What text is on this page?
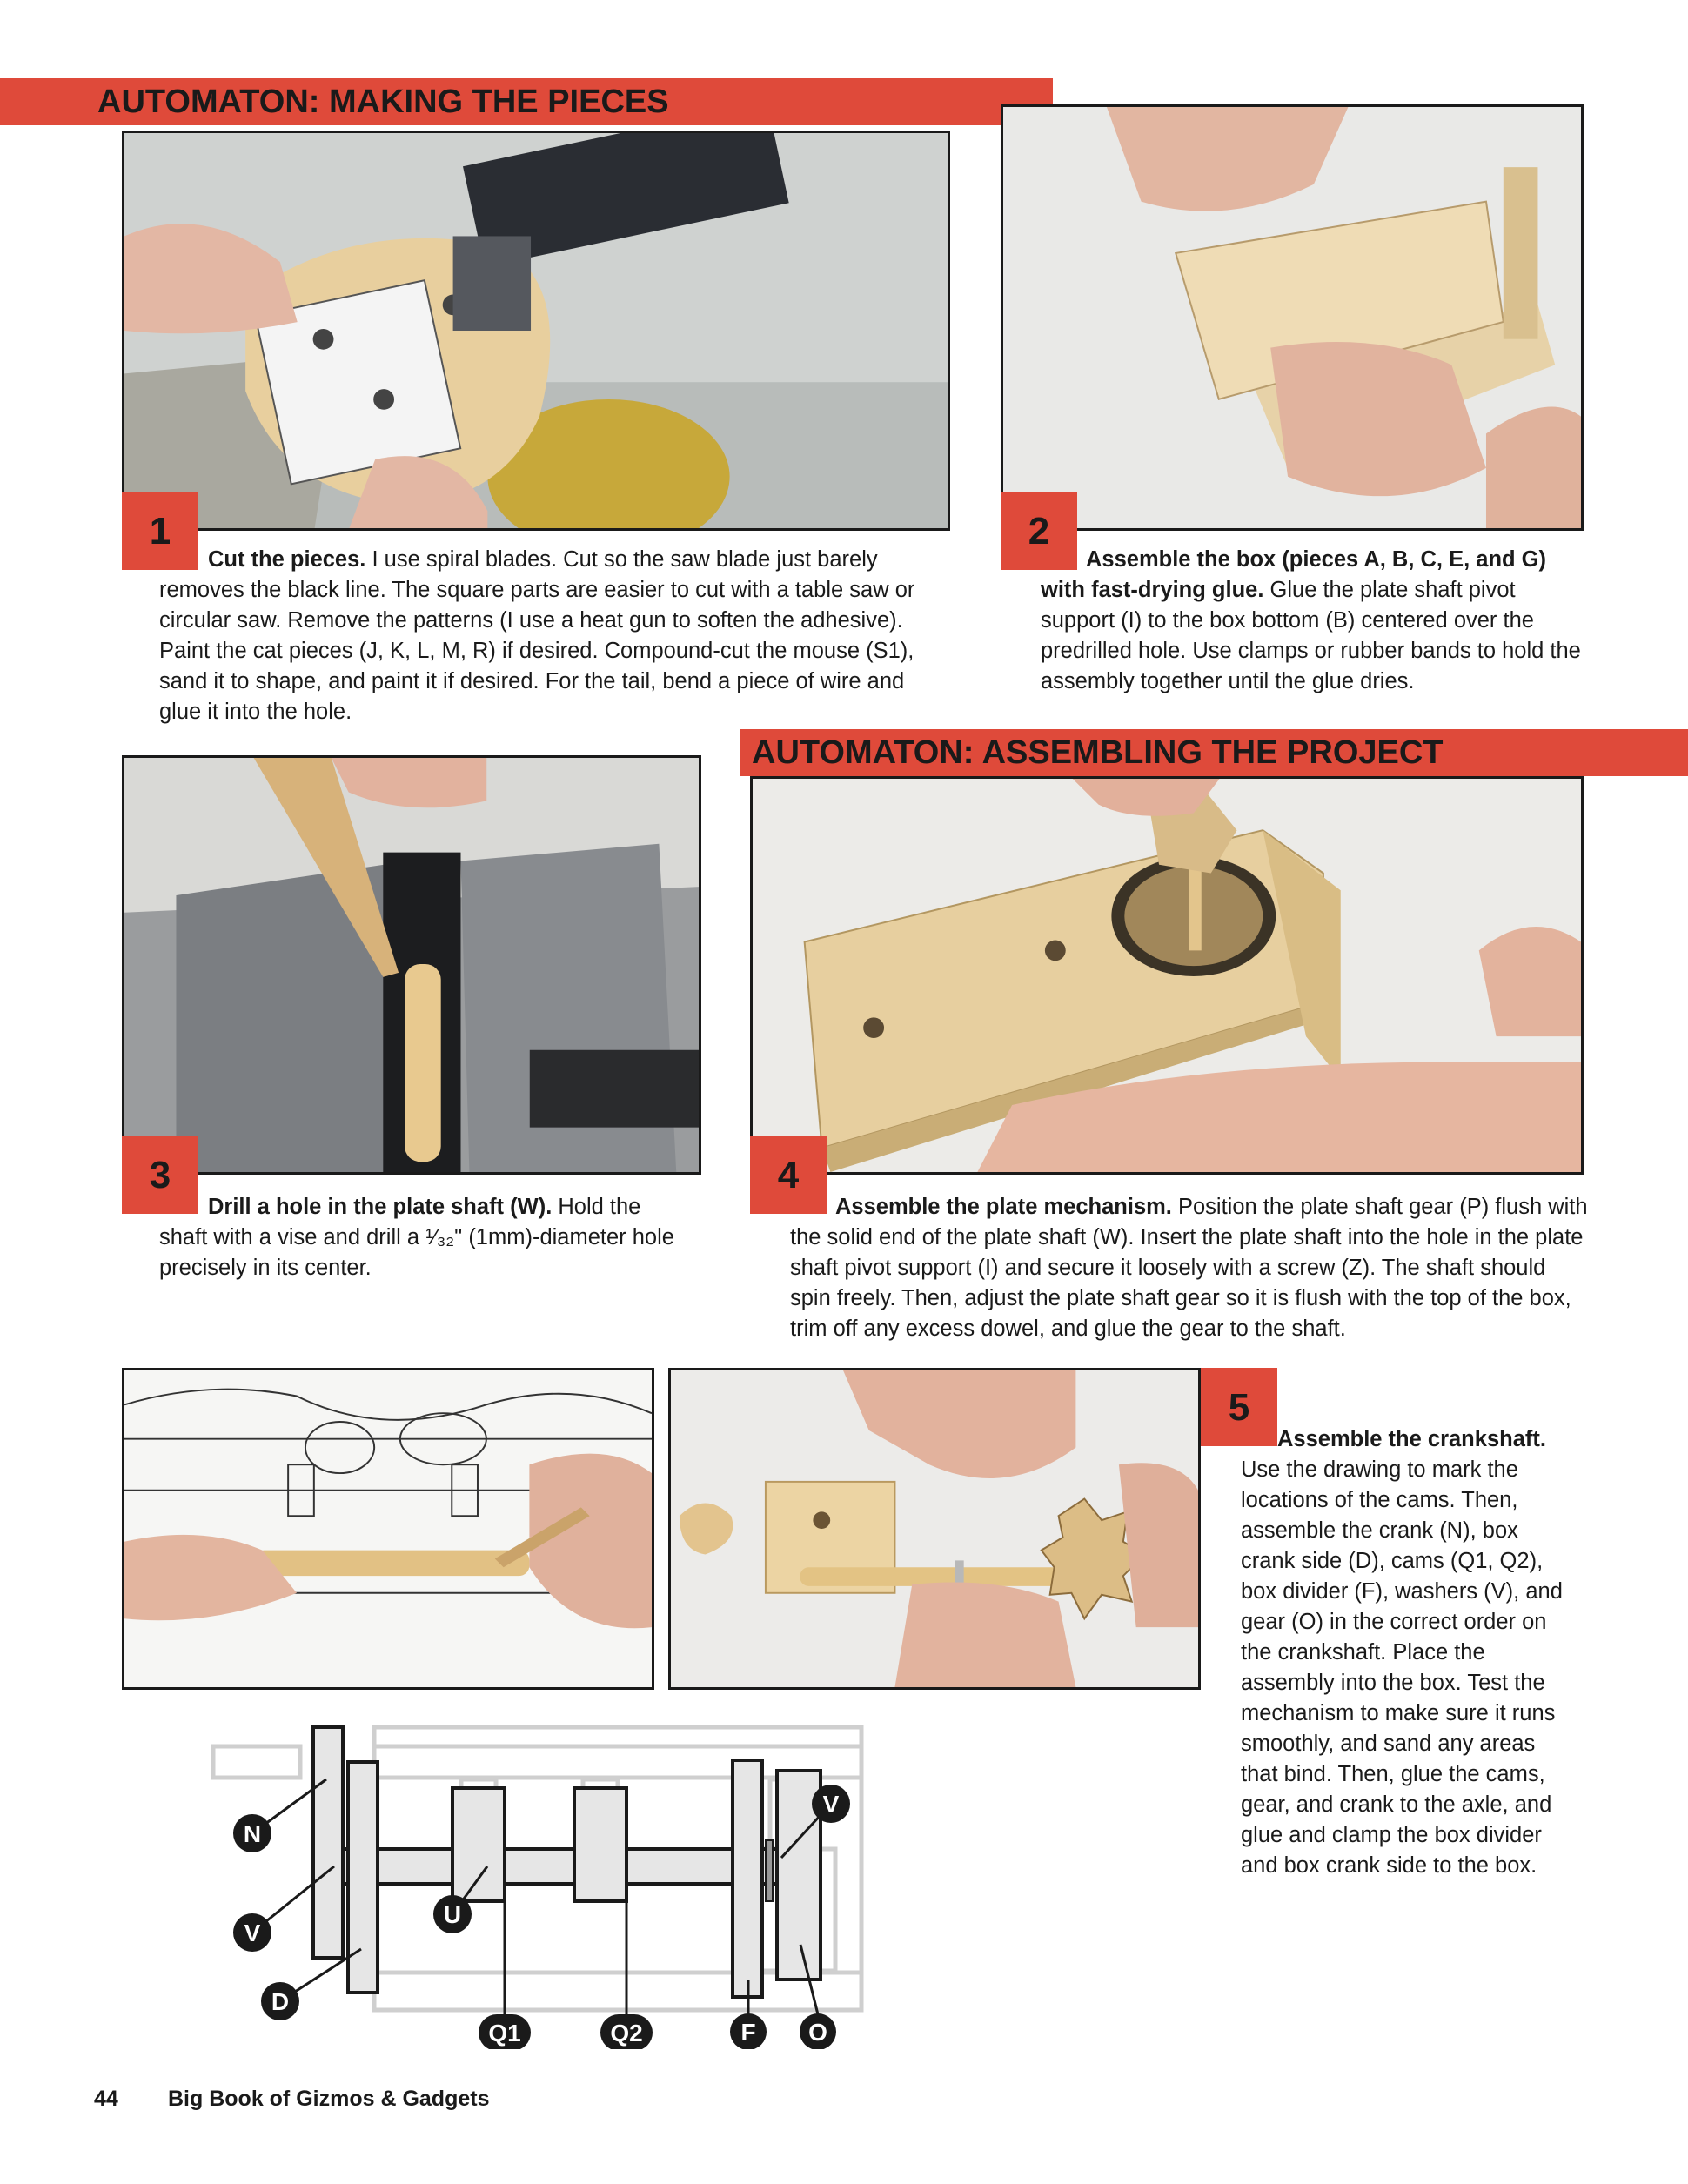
AUTOMATON: MAKING THE PIECES
1
Cut the pieces. I use spiral blades. Cut so the saw blade just barely removes the black line. The square parts are easier to cut with a table saw or circular saw. Remove the patterns (I use a heat gun to soften the adhesive). Paint the cat pieces (J, K, L, M, R) if desired. Compound-cut the mouse (S1), sand it to shape, and paint it if desired. For the tail, bend a piece of wire and glue it into the hole.
2
Assemble the box (pieces A, B, C, E, and G) with fast-drying glue. Glue the plate shaft pivot support (I) to the box bottom (B) centered over the predrilled hole. Use clamps or rubber bands to hold the assembly together until the glue dries.
AUTOMATON: ASSEMBLING THE PROJECT
3
Drill a hole in the plate shaft (W). Hold the shaft with a vise and drill a ¹⁄₃₂" (1mm)-diameter hole precisely in its center.
4
Assemble the plate mechanism. Position the plate shaft gear (P) flush with the solid end of the plate shaft (W). Insert the plate shaft into the hole in the plate shaft pivot support (I) and secure it loosely with a screw (Z). The shaft should spin freely. Then, adjust the plate shaft gear so it is flush with the top of the box, trim off any excess dowel, and glue the gear to the shaft.
5
Assemble the crankshaft. Use the drawing to mark the locations of the cams. Then, assemble the crank (N), box crank side (D), cams (Q1, Q2), box divider (F), washers (V), and gear (O) in the correct order on the crankshaft. Place the assembly into the box. Test the mechanism to make sure it runs smoothly, and sand any areas that bind. Then, glue the cams, gear, and crank to the axle, and glue and clamp the box divider and box crank side to the box.
N
V
D
U
Q1	Q2	F O
V
44 Big Book of Gizmos & Gadgets
